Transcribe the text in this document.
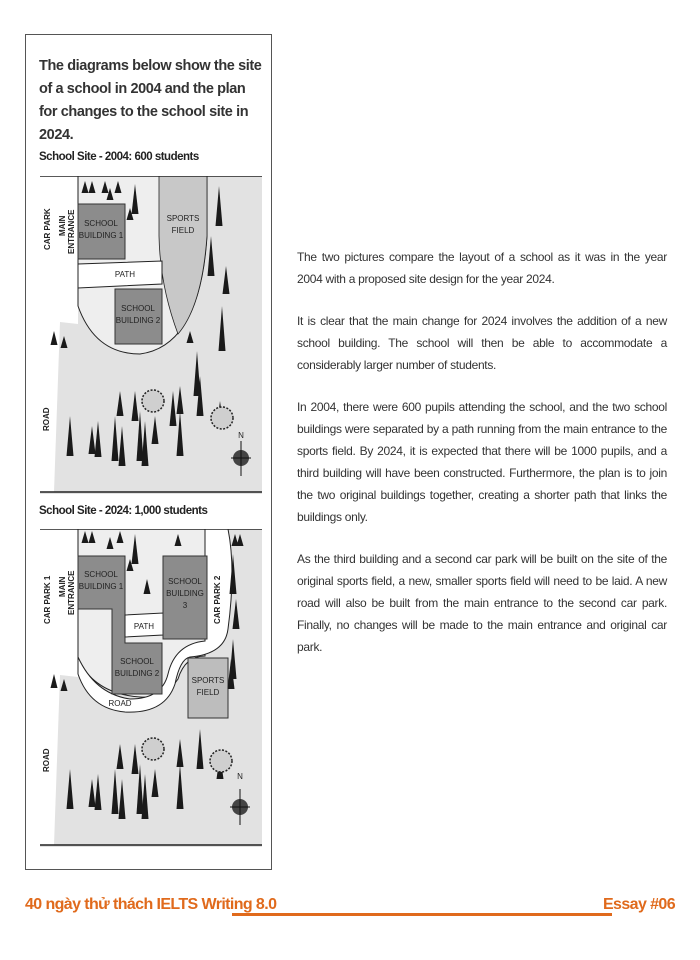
The diagrams below show the site of a school in 2004 and the plan for changes to the school site in 2024.
School Site - 2004: 600 students
CAR PARK MAIN ENTRANCE SCHOOL
BUILDING 1
SCHOOL
BUILDING 2
SPORTS
FIELD
PATH
ROAD
N
School Site - 2024: 1,000 students
CAR PARK 1 MAIN ENTRANCE	CAR PARK 2
SCHOOL
BUILDING 1
SCHOOL
BUILDING 2
SCHOOL
BUILDING
3
SPORTS
FIELD
PATH
ROAD
ROAD
N

The two pictures compare the layout of a school as it was in the year 2004 with a proposed site design for the year 2024.

It is clear that the main change for 2024 involves the addition of a new school building. The school will then be able to accommodate a considerably larger number of students.

In 2004, there were 600 pupils attending the school, and the two school buildings were separated by a path running from the main entrance to the sports field. By 2024, it is expected that there will be 1000 pupils, and a third building will have been constructed. Furthermore, the plan is to join the two original buildings together, creating a shorter path that links the buildings only.

As the third building and a second car park will be built on the site of the original sports field, a new, smaller sports field will need to be laid. A new road will also be built from the main entrance to the second car park. Finally, no changes will be made to the main entrance and original car park.

40 ngày thử thách IELTS Writing 8.0	Essay #06
